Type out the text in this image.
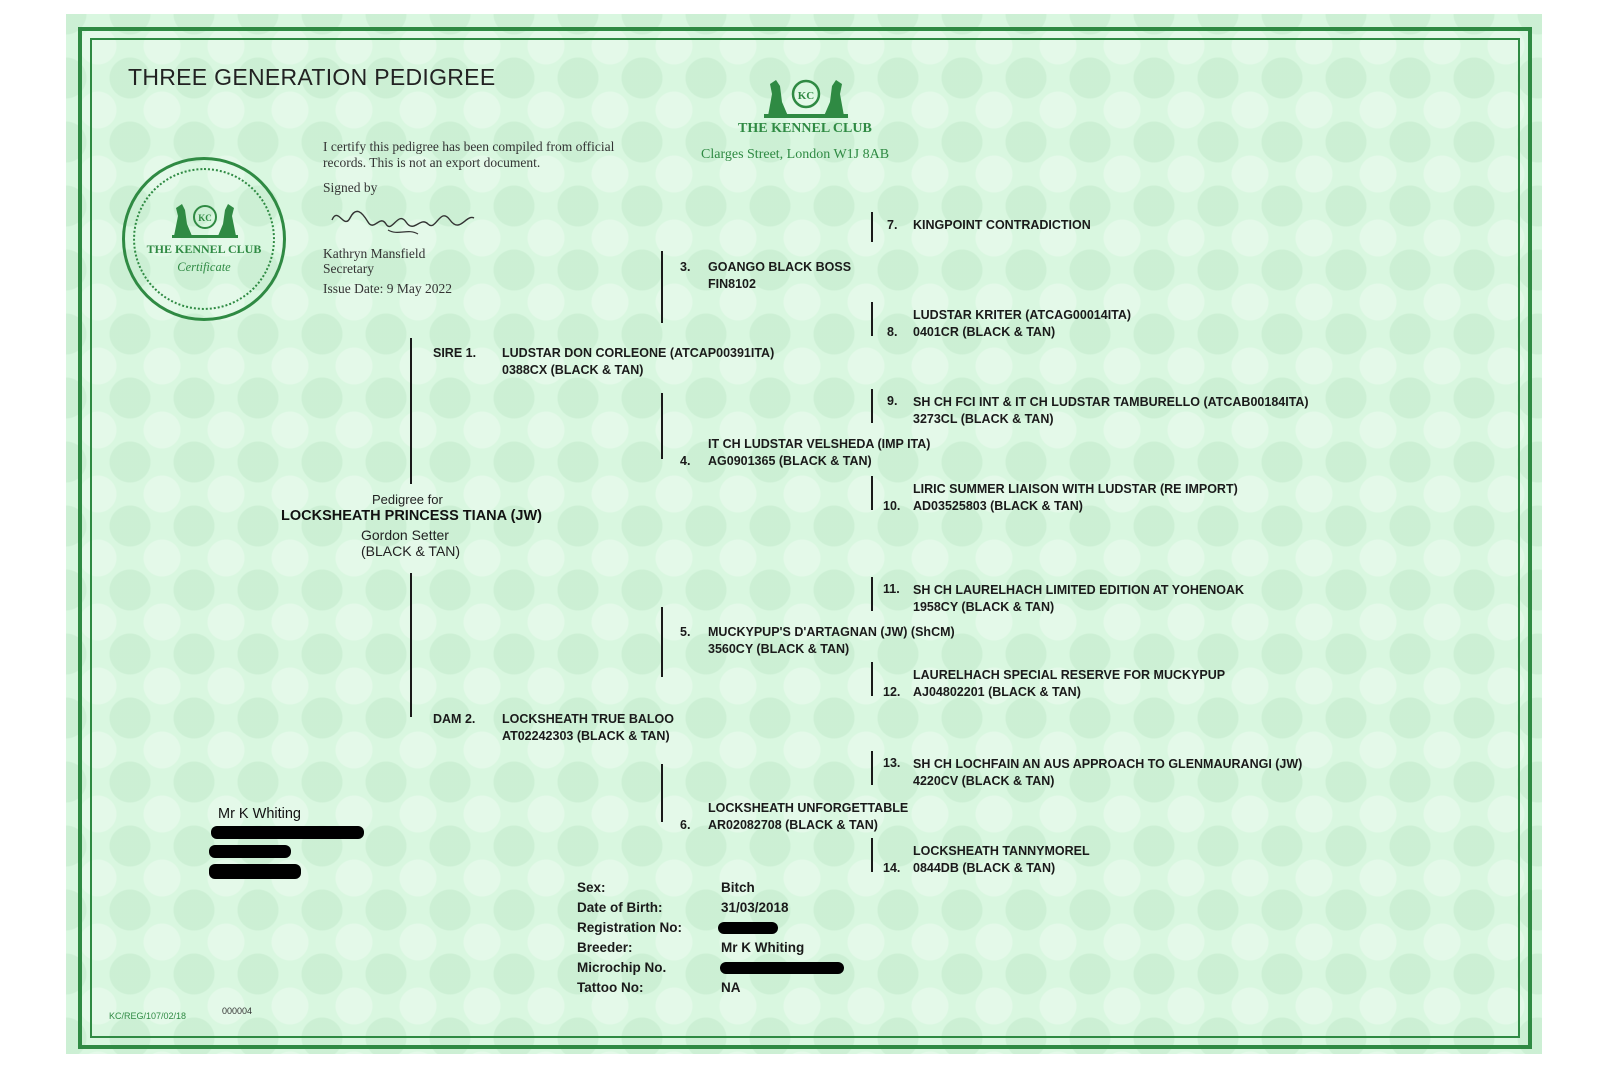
THREE GENERATION PEDIGREE
I certify this pedigree has been compiled from official records. This is not an export document.
Signed by
Kathryn Mansfield
Secretary
Issue Date: 9 May 2022
KC
THE KENNEL CLUB
Clarges Street, London W1J 8AB
KC
THE KENNEL CLUB
Certificate
Pedigree for
LOCKSHEATH PRINCESS TIANA (JW)
Gordon Setter
(BLACK & TAN)
SIRE 1. LUDSTAR DON CORLEONE (ATCAP00391ITA)
0388CX (BLACK & TAN)
DAM 2. LOCKSHEATH TRUE BALOO
AT02242303 (BLACK & TAN)
3. GOANGO BLACK BOSS
FIN8102
4.
IT CH LUDSTAR VELSHEDA (IMP ITA)
AG0901365 (BLACK & TAN)
5. MUCKYPUP'S D'ARTAGNAN (JW) (ShCM)
3560CY (BLACK & TAN)
6.
LOCKSHEATH UNFORGETTABLE
AR02082708 (BLACK & TAN)
7. KINGPOINT CONTRADICTION
8.
LUDSTAR KRITER (ATCAG00014ITA)
0401CR (BLACK & TAN)
9. SH CH FCI INT & IT CH LUDSTAR TAMBURELLO (ATCAB00184ITA)
3273CL (BLACK & TAN)
10.
LIRIC SUMMER LIAISON WITH LUDSTAR (RE IMPORT)
AD03525803 (BLACK & TAN)
11. SH CH LAURELHACH LIMITED EDITION AT YOHENOAK
1958CY (BLACK & TAN)
12.
LAURELHACH SPECIAL RESERVE FOR MUCKYPUP
AJ04802201 (BLACK & TAN)
13. SH CH LOCHFAIN AN AUS APPROACH TO GLENMAURANGI (JW)
4220CV (BLACK & TAN)
14.
LOCKSHEATH TANNYMOREL
0844DB (BLACK & TAN)
Mr K Whiting
Sex:	Bitch
Date of Birth:	31/03/2018
Registration No:
Breeder:	Mr K Whiting
Microchip No.
Tattoo No:	NA
KC/REG/107/02/18	000004
